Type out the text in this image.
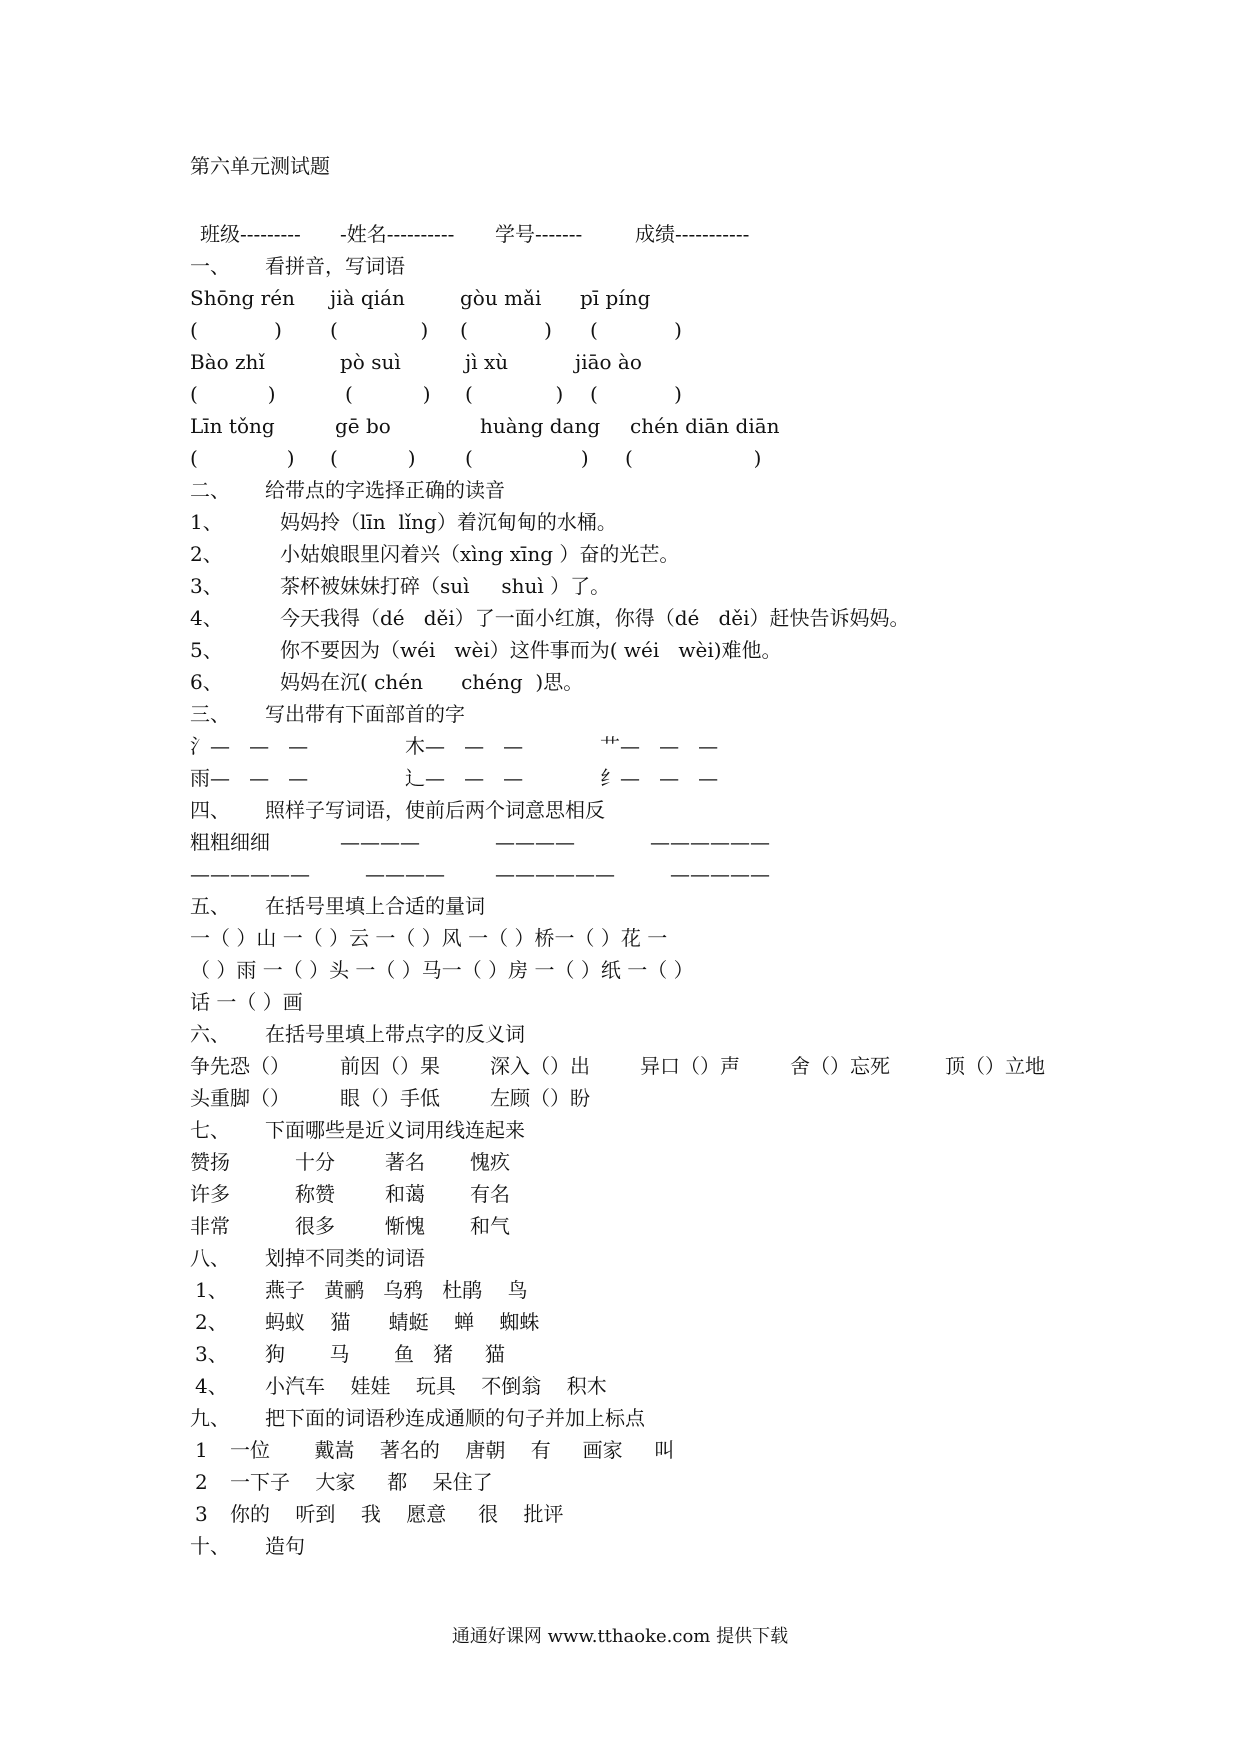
第六单元测试题
班级--------- -姓名---------- 学号-------	成绩-----------
一、 看拼音，写词语
Shōng rén jià qián	gòu mǎi pī píng
(            ) (             ) (            ) (            )
Bào zhǐ	pò suì	jì xù	jiāo ào
(           )	(           ) (             ) (            )
Līn tǒng	gē bo	huàng dang chén diān diān
(              ) (           ) (                 ) (                   )
二、 给带点的字选择正确的读音
1、	妈妈拎（līn  lǐng）着沉甸甸的水桶。
2、	小姑娘眼里闪着兴（xìng xīng ）奋的光芒。
3、	茶杯被妹妹打碎（suì     shuì ）了。
4、	今天我得（dé   děi）了一面小红旗，你得（dé   děi）赶快告诉妈妈。
5、	你不要因为（wéi   wèi）这件事而为( wéi   wèi)难他。
6、	妈妈在沉( chén      chéng  )思。
三、 写出带有下面部首的字
氵—   —   —	木—   —   —	艹—   —   —
雨—   —   —	辶—   —   —	纟—   —   —
四、 照样子写词语，使前后两个词意思相反
粗粗细细	————	————	——————
——————	————	——————	—————
五、 在括号里填上合适的量词
一（ ）山 一（ ）云 一（ ）风 一（ ）桥一（ ）花 一
（ ）雨 一（ ）头 一（ ）马一（ ）房 一（ ）纸 一（ ）
话 一（ ）画
六、 在括号里填上带点字的反义词
争先恐（）	前因（）果	深入（）出	异口（）声	舍（）忘死	顶（）立地
头重脚（）	眼（）手低	左顾（）盼
七、 下面哪些是近义词用线连起来
赞扬	十分	著名 愧疚
许多	称赞	和蔼 有名
非常	很多	惭愧 和气
八、 划掉不同类的词语
1、 燕子   黄鹂   乌鸦   杜鹃    鸟
2、 蚂蚁    猫      蜻蜓    蝉    蜘蛛
3、 狗       马       鱼   猪     猫
4、 小汽车    娃娃    玩具    不倒翁    积木
九、 把下面的词语秒连成通顺的句子并加上标点
1 一位       戴嵩    著名的    唐朝    有     画家     叫
2 一下子    大家     都    呆住了
3 你的    听到    我    愿意     很    批评
十、 造句
通通好课网 www.tthaoke.com 提供下载
